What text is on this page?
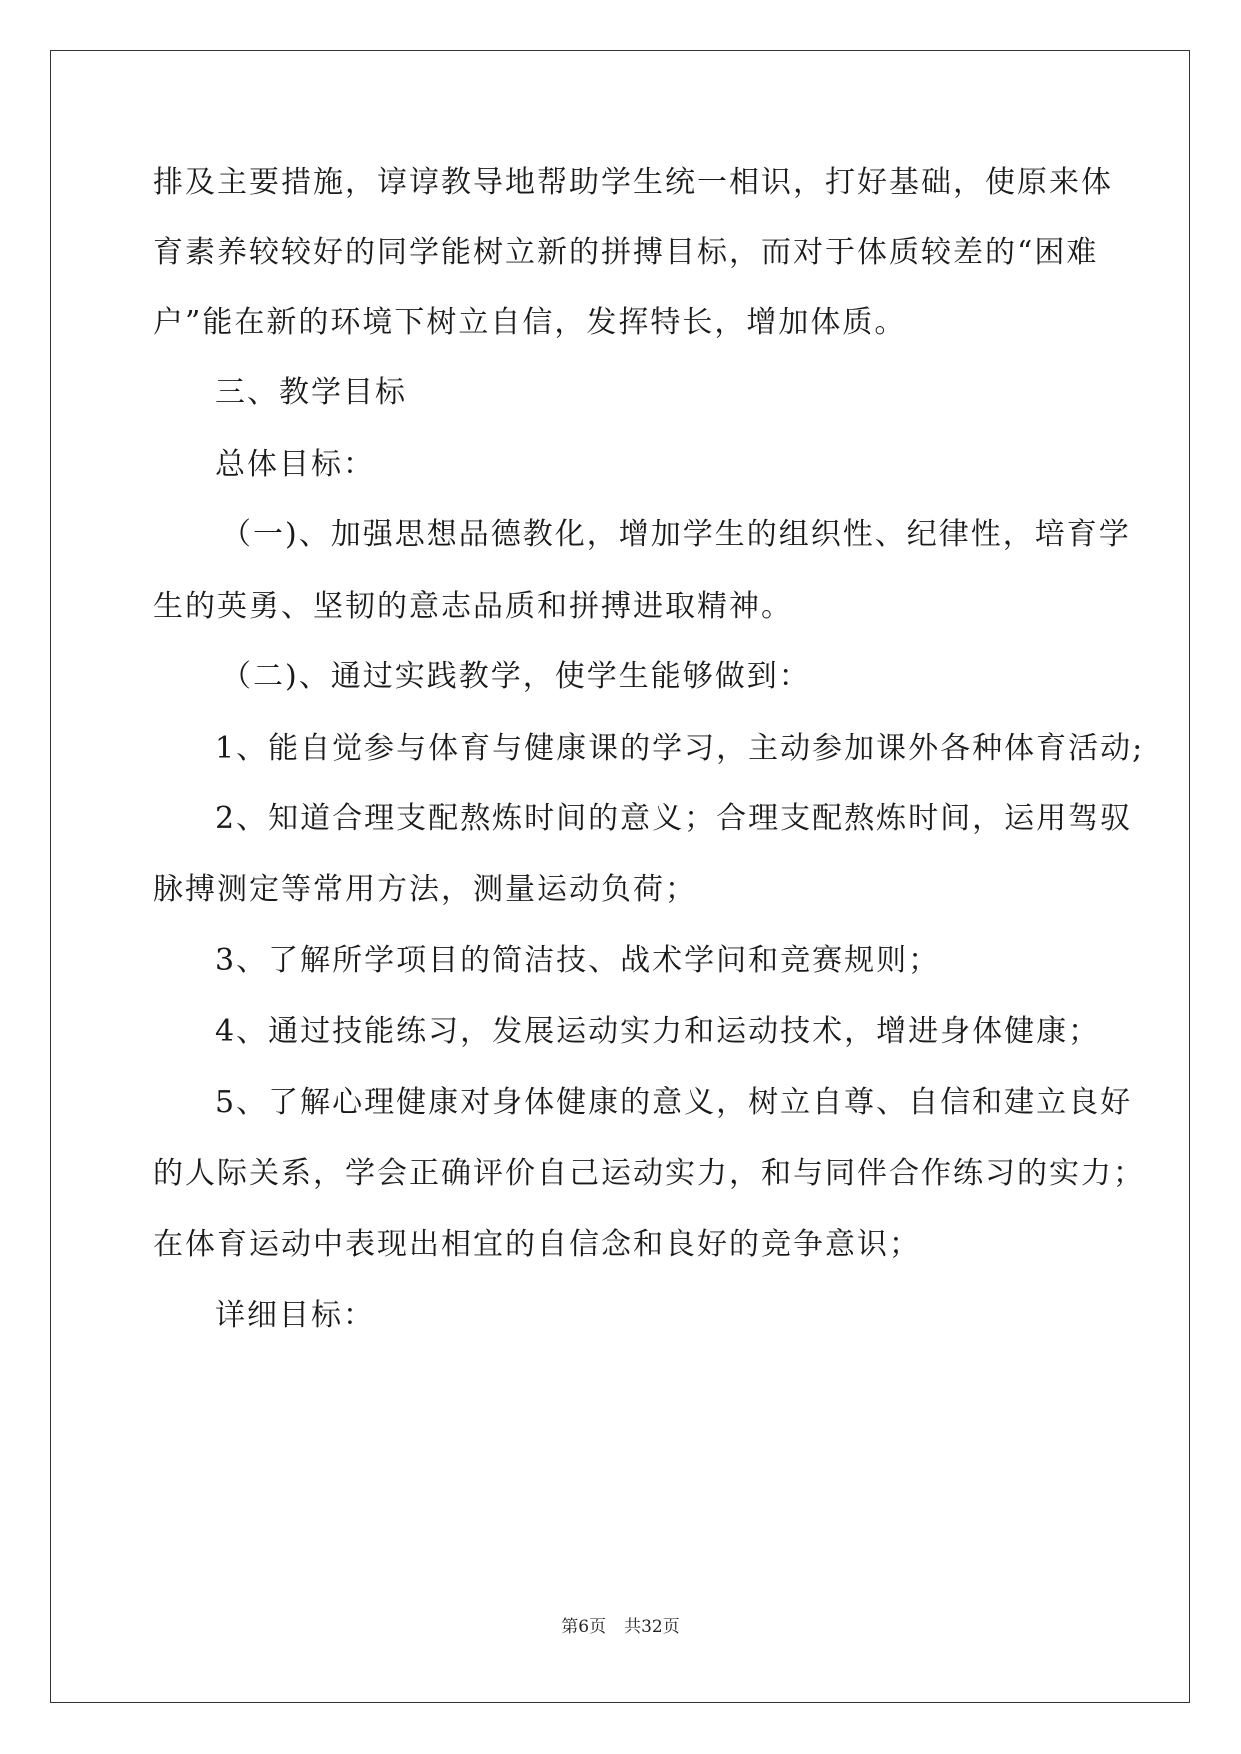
排及主要措施，谆谆教导地帮助学生统一相识，打好基础，使原来体
育素养较较好的同学能树立新的拼搏目标，而对于体质较差的“困难
户”能在新的环境下树立自信，发挥特长，增加体质。
三、教学目标
总体目标：
（一)、加强思想品德教化，增加学生的组织性、纪律性，培育学
生的英勇、坚韧的意志品质和拼搏进取精神。
（二)、通过实践教学，使学生能够做到：
1、能自觉参与体育与健康课的学习，主动参加课外各种体育活动;
2、知道合理支配熬炼时间的意义；合理支配熬炼时间，运用驾驭
脉搏测定等常用方法，测量运动负荷；
3、了解所学项目的简洁技、战术学问和竞赛规则；
4、通过技能练习，发展运动实力和运动技术，增进身体健康；
5、了解心理健康对身体健康的意义，树立自尊、自信和建立良好
的人际关系，学会正确评价自己运动实力，和与同伴合作练习的实力；
在体育运动中表现出相宜的自信念和良好的竞争意识；
详细目标：
第6页 共32页
